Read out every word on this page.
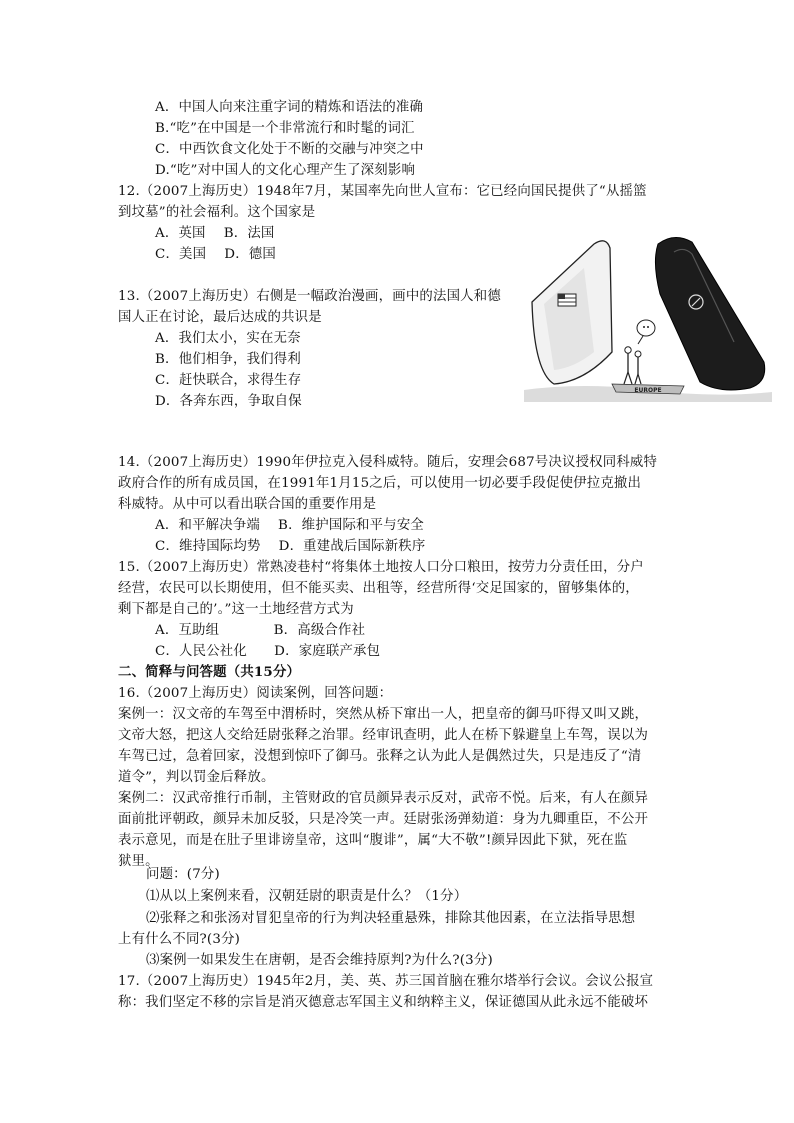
A．中国人向来注重字词的精炼和语法的准确
B.“吃”在中国是一个非常流行和时髦的词汇
C．中西饮食文化处于不断的交融与冲突之中
D.“吃”对中国人的文化心理产生了深刻影响
12.（2007上海历史）1948年7月，某国率先向世人宣布：它已经向国民提供了“从摇篮
到坟墓”的社会福利。这个国家是
A．英国　 B．法国
C．美国　 D．德国
13.（2007上海历史）右侧是一幅政治漫画，画中的法国人和德
国人正在讨论，最后达成的共识是
A．我们太小，实在无奈
B．他们相争，我们得利
C．赶快联合，求得生存
D．各奔东西，争取自保
EUROPE
14.（2007上海历史）1990年伊拉克入侵科威特。随后，安理会687号决议授权同科威特
政府合作的所有成员国，在1991年1月15之后，可以使用一切必要手段促使伊拉克撤出
科威特。从中可以看出联合国的重要作用是
A．和平解决争端　 B．维护国际和平与安全
C．维持国际均势　 D．重建战后国际新秩序
15.（2007上海历史）常熟凌巷村“将集体土地按人口分口粮田，按劳力分责任田，分户
经营，农民可以长期使用，但不能买卖、出租等，经营所得‘交足国家的，留够集体的，
剩下都是自己的’。”这一土地经营方式为
A．互助组　　　　B．高级合作社
C．人民公社化　　D．家庭联产承包
二、简释与问答题（共15分）
16.（2007上海历史）阅读案例，回答问题：
案例一：汉文帝的车驾至中渭桥时，突然从桥下窜出一人，把皇帝的御马吓得又叫又跳，
文帝大怒，把这人交给廷尉张释之治罪。经审讯查明，此人在桥下躲避皇上车驾，误以为
车驾已过，急着回家，没想到惊吓了御马。张释之认为此人是偶然过失，只是违反了“清
道令”，判以罚金后释放。
案例二：汉武帝推行币制，主管财政的官员颜异表示反对，武帝不悦。后来，有人在颜异
面前批评朝政，颜异未加反驳，只是冷笑一声。廷尉张汤弹劾道：身为九卿重臣，不公开
表示意见，而是在肚子里诽谤皇帝，这叫“腹诽”，属“大不敬”!颜异因此下狱，死在监
狱里。
问题：(7分)
⑴从以上案例来看，汉朝廷尉的职责是什么？（1分）
⑵张释之和张汤对冒犯皇帝的行为判决轻重悬殊，排除其他因素，在立法指导思想
上有什么不同?(3分)
⑶案例一如果发生在唐朝，是否会维持原判?为什么?(3分)
17.（2007上海历史）1945年2月，美、英、苏三国首脑在雅尔塔举行会议。会议公报宣
称：我们坚定不移的宗旨是消灭德意志军国主义和纳粹主义，保证德国从此永远不能破坏
